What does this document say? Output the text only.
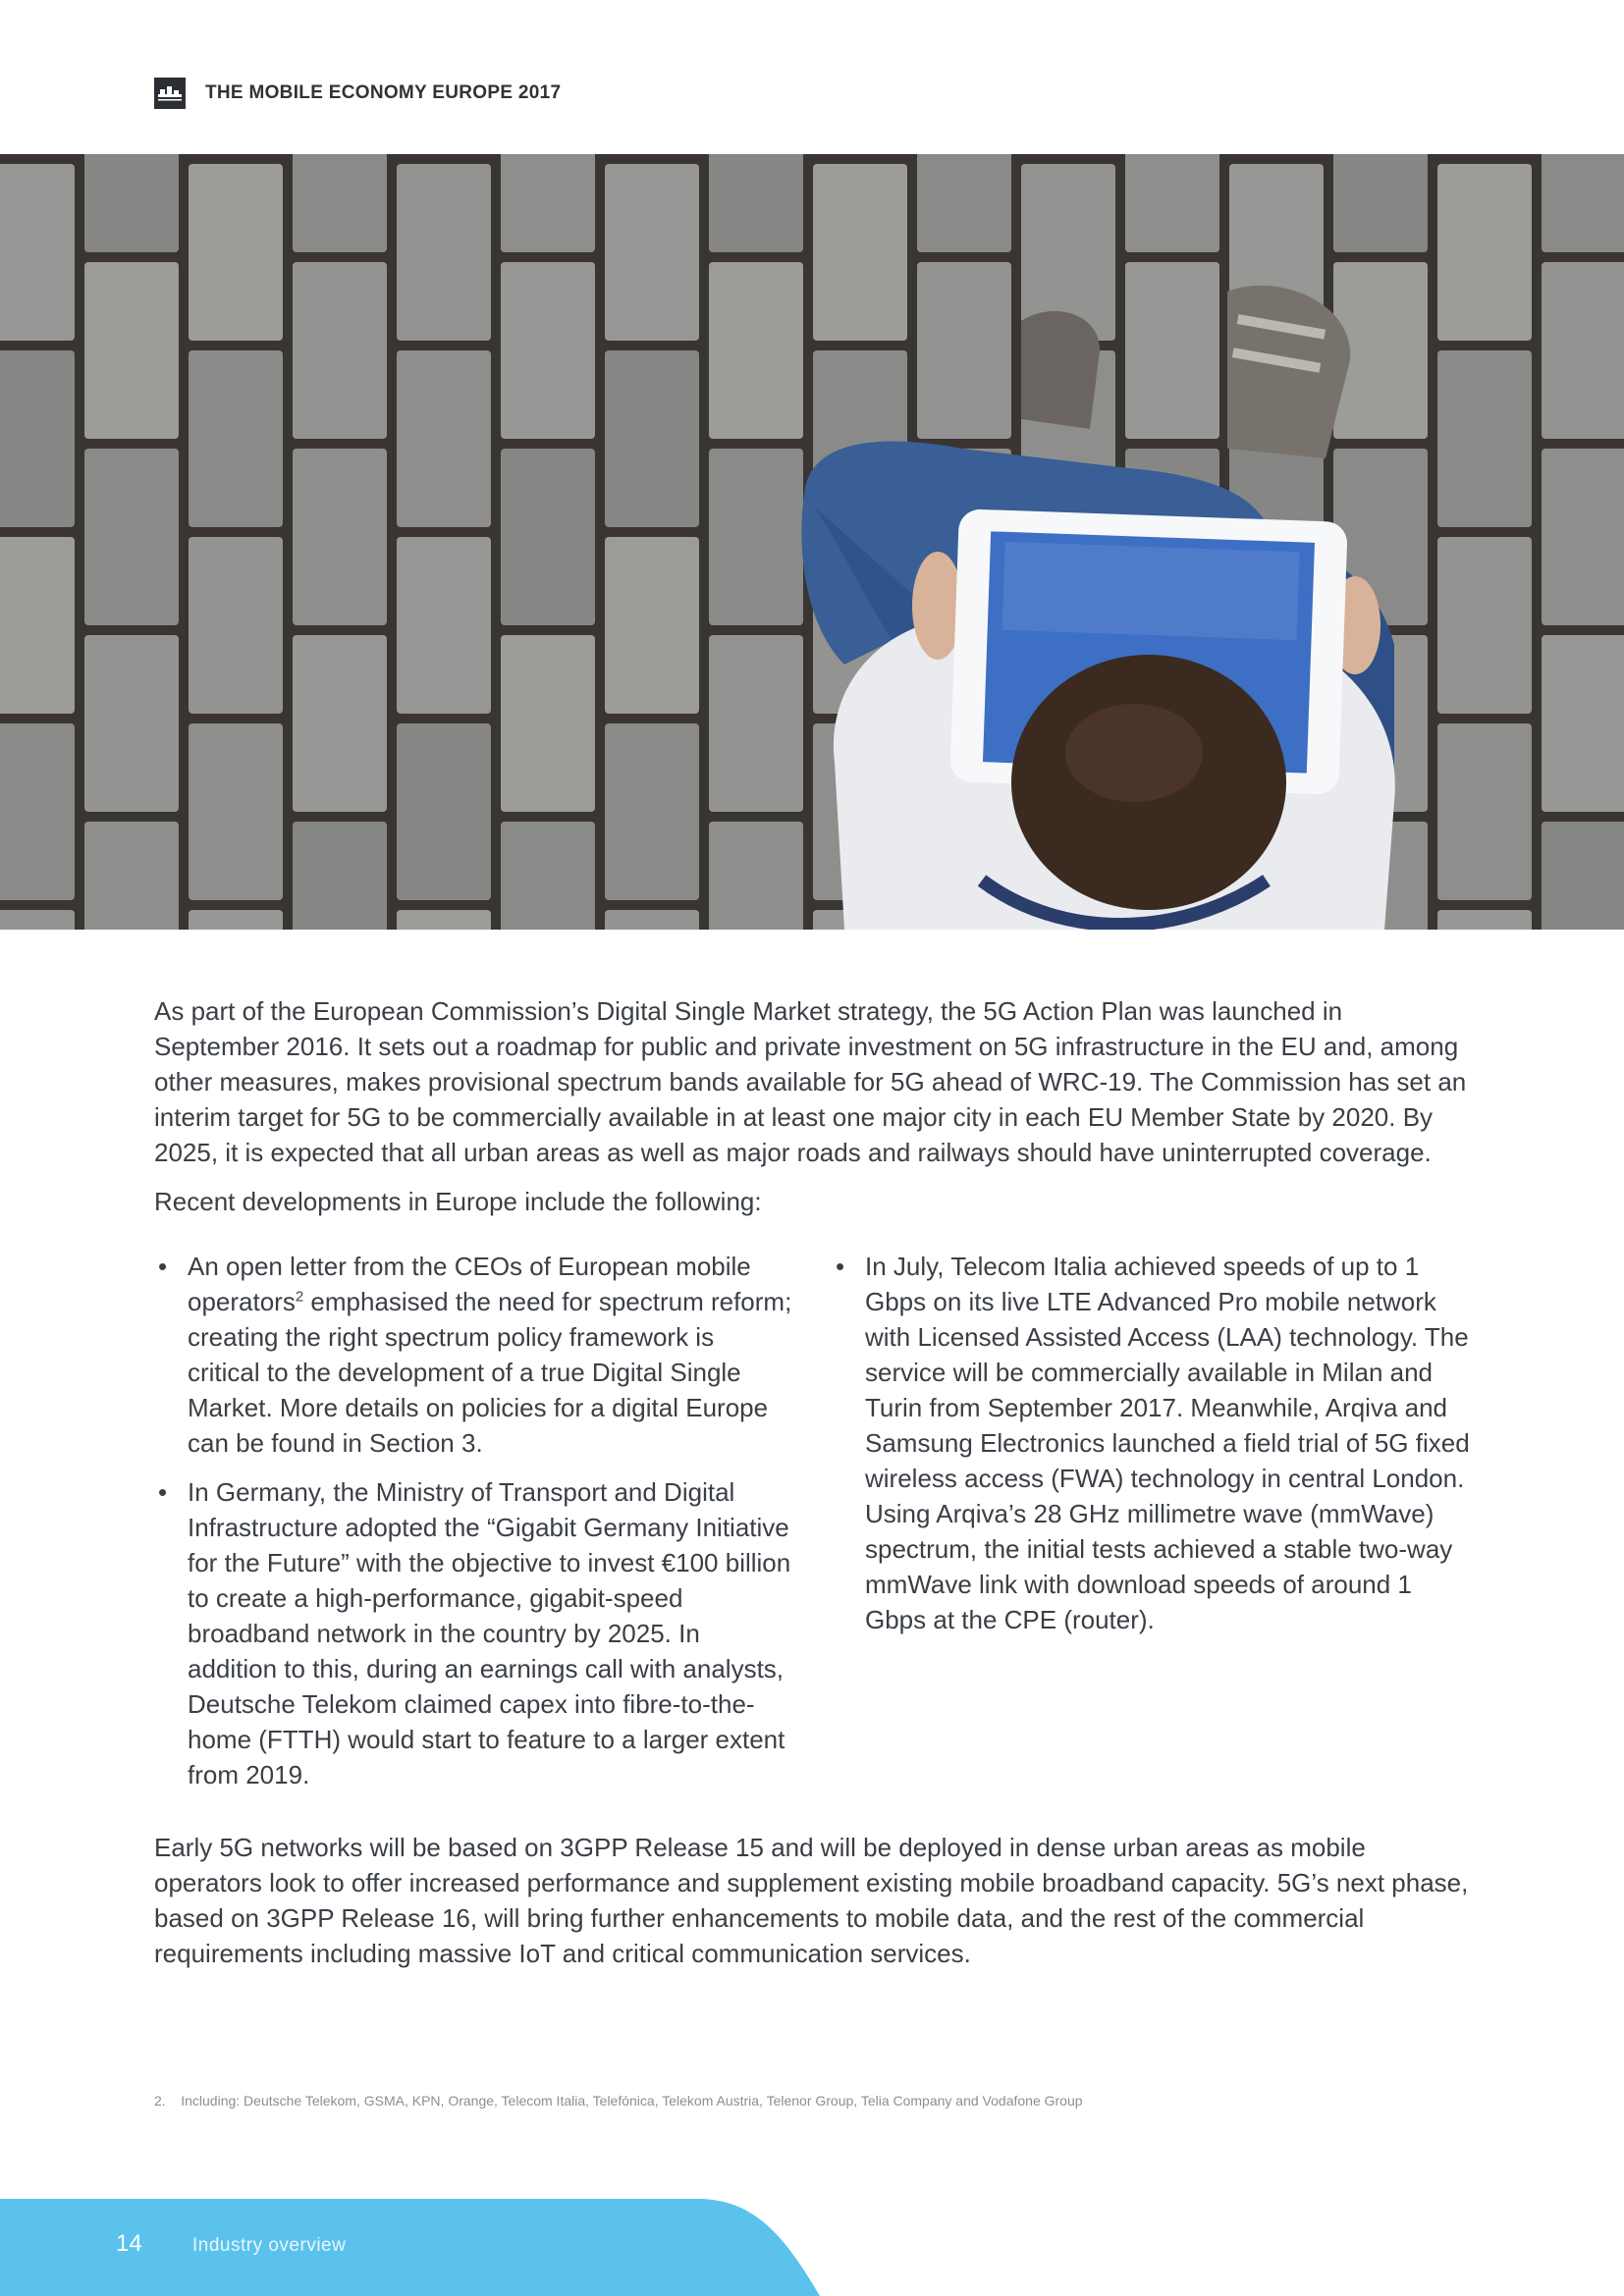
THE MOBILE ECONOMY EUROPE 2017

As part of the European Commission’s Digital Single Market strategy, the 5G Action Plan was launched in September 2016. It sets out a roadmap for public and private investment on 5G infrastructure in the EU and, among other measures, makes provisional spectrum bands available for 5G ahead of WRC-19. The Commission has set an interim target for 5G to be commercially available in at least one major city in each EU Member State by 2020. By 2025, it is expected that all urban areas as well as major roads and railways should have uninterrupted coverage.

Recent developments in Europe include the following:

• An open letter from the CEOs of European mobile operators$^2$ emphasised the need for spectrum reform; creating the right spectrum policy framework is critical to the development of a true Digital Single Market. More details on policies for a digital Europe can be found in Section 3.
• In Germany, the Ministry of Transport and Digital Infrastructure adopted the “Gigabit Germany Initiative for the Future” with the objective to invest €100 billion to create a high-performance, gigabit-speed broadband network in the country by 2025. In addition to this, during an earnings call with analysts, Deutsche Telekom claimed capex into fibre-to-the-home (FTTH) would start to feature to a larger extent from 2019.
• In July, Telecom Italia achieved speeds of up to 1 Gbps on its live LTE Advanced Pro mobile network with Licensed Assisted Access (LAA) technology. The service will be commercially available in Milan and Turin from September 2017. Meanwhile, Arqiva and Samsung Electronics launched a field trial of 5G fixed wireless access (FWA) technology in central London. Using Arqiva’s 28 GHz millimetre wave (mmWave) spectrum, the initial tests achieved a stable two-way mmWave link with download speeds of around 1 Gbps at the CPE (router).

Early 5G networks will be based on 3GPP Release 15 and will be deployed in dense urban areas as mobile operators look to offer increased performance and supplement existing mobile broadband capacity. 5G’s next phase, based on 3GPP Release 16, will bring further enhancements to mobile data, and the rest of the commercial requirements including massive IoT and critical communication services.

2.    Including: Deutsche Telekom, GSMA, KPN, Orange, Telecom Italia, Telefónica, Telekom Austria, Telenor Group, Telia Company and Vodafone Group
14	Industry overview
